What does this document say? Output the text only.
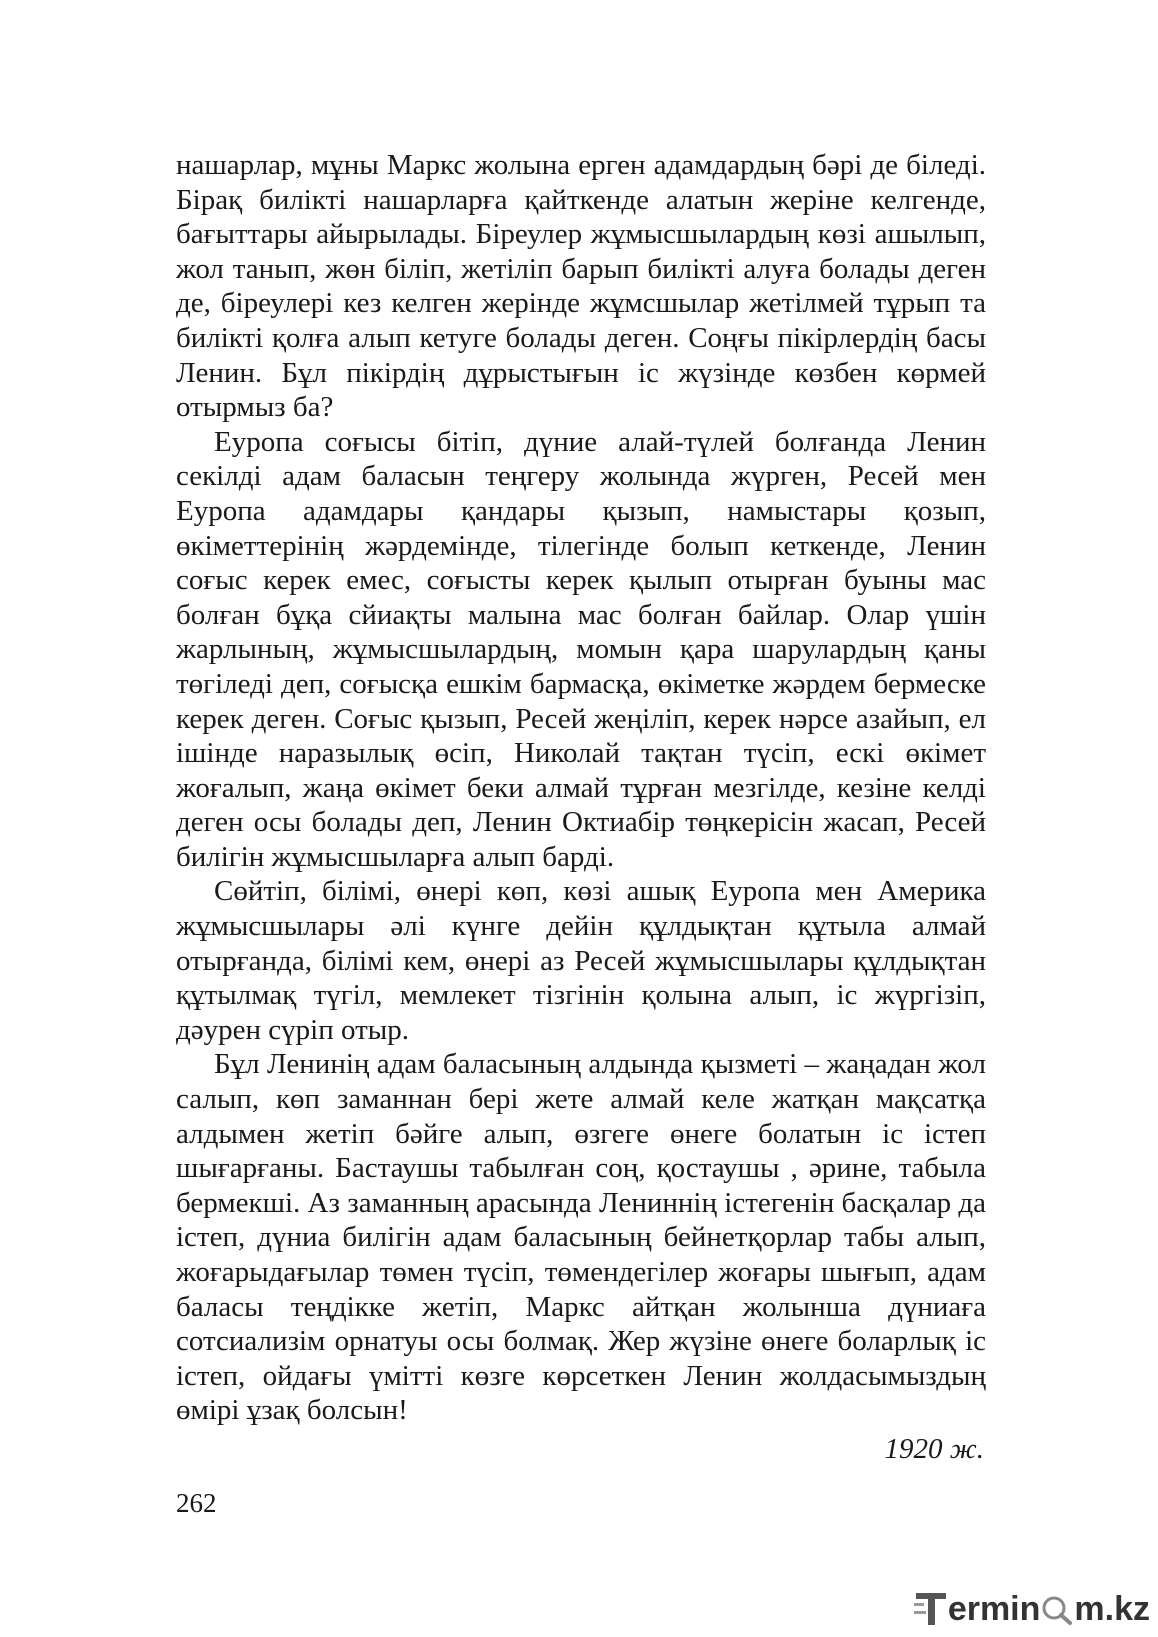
нашарлар, мұны Маркс жолына ерген адамдардың бәрі де біледі. Бірақ билікті нашарларға қайткенде алатын жеріне келгенде, бағыттары айырылады. Біреулер жұмысшылардың көзі ашылып, жол танып, жөн біліп, жетіліп барып билікті алуға болады деген де, біреулері кез келген жерінде жұмсшылар жетілмей тұрып та билікті қолға алып кетуге болады деген. Соңғы пікірлердің басы Ленин. Бұл пікірдің дұрыстығын іс жүзінде көзбен көрмей отырмыз ба?

Еуропа соғысы бітіп, дүние алай-түлей болғанда Ленин секілді адам баласын теңгеру жолында жүрген, Ресей мен Еуропа адамдары қандары қызып, намыстары қозып, өкіметтерінің жәрдемінде, тілегінде болып кеткенде, Ленин соғыс керек емес, соғысты керек қылып отырған буыны мас болған бұқа сйиақты малына мас болған байлар. Олар үшін жарлының, жұмысшылардың, момын қара шарулардың қаны төгіледі деп, соғысқа ешкім бармасқа, өкіметке жәрдем бермеске керек деген. Соғыс қызып, Ресей жеңіліп, керек нәрсе азайып, ел ішінде наразылық өсіп, Николай тақтан түсіп, ескі өкімет жоғалып, жаңа өкімет беки алмай тұрған мезгілде, кезіне келді деген осы болады деп, Ленин Октиабір төңкерісін жасап, Ресей билігін жұмысшыларға алып барді.

Сөйтіп, білімі, өнері көп, көзі ашық Еуропа мен Америка жұмысшылары әлі күнге дейін құлдықтан құтыла алмай отырғанда, білімі кем, өнері аз Ресей жұмысшылары құлдықтан құтылмақ түгіл, мемлекет тізгінін қолына алып, іс жүргізіп, дәурен сүріп отыр.

Бұл Ленинің адам баласының алдында қызметі – жаңадан жол салып, көп заманнан бері жете алмай келе жатқан мақсатқа алдымен жетіп бәйге алып, өзгеге өнеге болатын іс істеп шығарғаны. Бастаушы табылған соң, қостаушы , әрине, табыла бермекші. Аз заманның арасында Лениннің істегенін басқалар да істеп, дүниа билігін адам баласының бейнетқорлар табы алып, жоғарыдағылар төмен түсіп, төмендегілер жоғары шығып, адам баласы теңдікке жетіп, Маркс айтқан жолынша дүниаға сотсиализім орнатуы осы болмақ. Жер жүзіне өнеге боларлық іс істеп, ойдағы үмітті көзге көрсеткен Ленин жолдасымыздың өмірі ұзақ болсын!

1920 ж.

262
ermin m.kz
